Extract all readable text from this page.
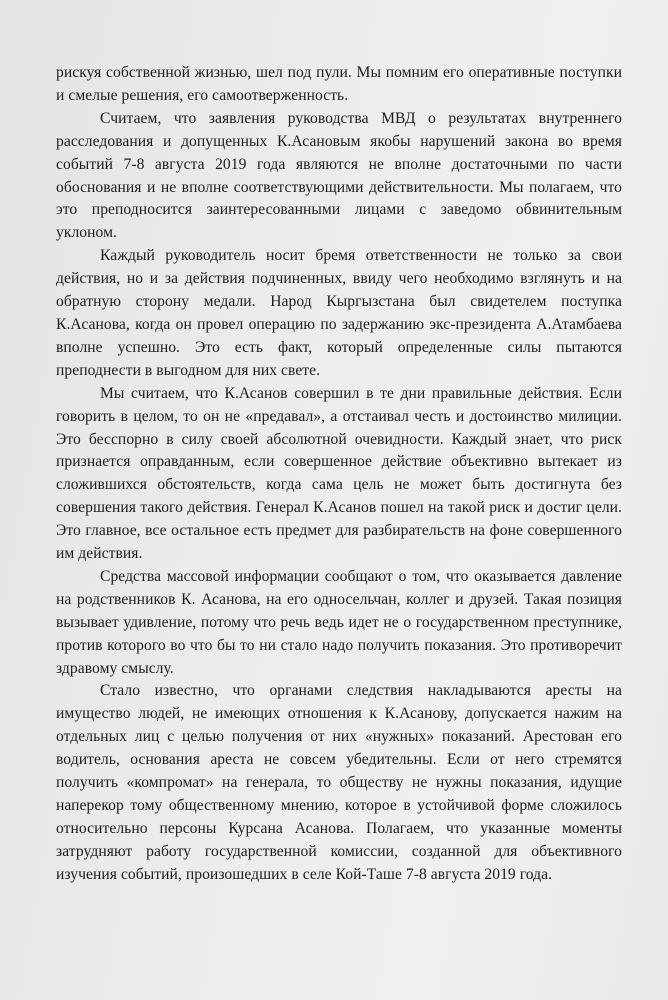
рискуя собственной жизнью, шел под пули. Мы помним его оперативные поступки и смелые решения, его самоотверженность.

Считаем, что заявления руководства МВД о результатах внутреннего расследования и допущенных К.Асановым якобы нарушений закона во время событий 7-8 августа 2019 года являются не вполне достаточными по части обоснования и не вполне соответствующими действительности. Мы полагаем, что это преподносится заинтересованными лицами с заведомо обвинительным уклоном.

Каждый руководитель носит бремя ответственности не только за свои действия, но и за действия подчиненных, ввиду чего необходимо взглянуть и на обратную сторону медали. Народ Кыргызстана был свидетелем поступка К.Асанова, когда он провел операцию по задержанию экс-президента А.Атамбаева вполне успешно. Это есть факт, который определенные силы пытаются преподнести в выгодном для них свете.

Мы считаем, что К.Асанов совершил в те дни правильные действия. Если говорить в целом, то он не «предавал», а отстаивал честь и достоинство милиции. Это бесспорно в силу своей абсолютной очевидности. Каждый знает, что риск признается оправданным, если совершенное действие объективно вытекает из сложившихся обстоятельств, когда сама цель не может быть достигнута без совершения такого действия. Генерал К.Асанов пошел на такой риск и достиг цели. Это главное, все остальное есть предмет для разбирательств на фоне совершенного им действия.

Средства массовой информации сообщают о том, что оказывается давление на родственников К. Асанова, на его односельчан, коллег и друзей. Такая позиция вызывает удивление, потому что речь ведь идет не о государственном преступнике, против которого во что бы то ни стало надо получить показания. Это противоречит здравому смыслу.

Стало известно, что органами следствия накладываются аресты на имущество людей, не имеющих отношения к К.Асанову, допускается нажим на отдельных лиц с целью получения от них «нужных» показаний. Арестован его водитель, основания ареста не совсем убедительны. Если от него стремятся получить «компромат» на генерала, то обществу не нужны показания, идущие наперекор тому общественному мнению, которое в устойчивой форме сложилось относительно персоны Курсана Асанова. Полагаем, что указанные моменты затрудняют работу государственной комиссии, созданной для объективного изучения событий, произошедших в селе Кой-Таше 7-8 августа 2019 года.
